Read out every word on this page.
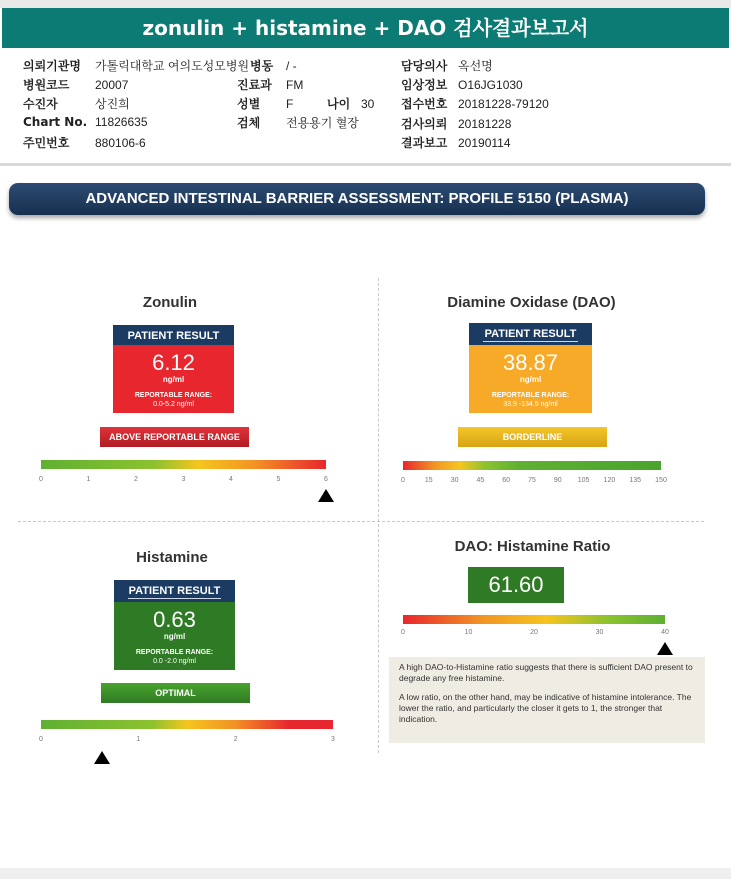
zonulin + histamine + DAO 검사결과보고서
의뢰기관명 가톨릭대학교 여의도성모병원
병원코드 20007
수진자	상진희
Chart No. 11826635
주민번호 880106-6
병동 / -
진료과 FM
성별 F	나이 30
검체 전용용기 혈장
담당의사 옥선명
임상정보 O16JG1030
접수번호 20181228-79120
검사의뢰 20181228
결과보고 20190114
ADVANCED INTESTINAL BARRIER ASSESSMENT: PROFILE 5150 (PLASMA)
Zonulin
PATIENT RESULT
6.12
ng/ml
REPORTABLE RANGE:
0.0-5.2 ng/ml
ABOVE REPORTABLE RANGE
0	1	2	3	4	5	6
Diamine Oxidase (DAO)
PATIENT RESULT
38.87
ng/ml
REPORTABLE RANGE:
33.9 -134.5 ng/ml
BORDERLINE
0	15	30	45	60	75	90 105 120 135 150
Histamine
PATIENT RESULT
0.63
ng/ml
REPORTABLE RANGE:
0.0 -2.0 ng/ml
OPTIMAL
0	1	2	3
DAO: Histamine Ratio
61.60
0	10	20	30	40

A high DAO-to-Histamine ratio suggests that there is sufficient DAO present to degrade any free histamine.

A low ratio, on the other hand, may be indicative of histamine intolerance. The lower the ratio, and particularly the closer it gets to 1, the stronger that indication.
